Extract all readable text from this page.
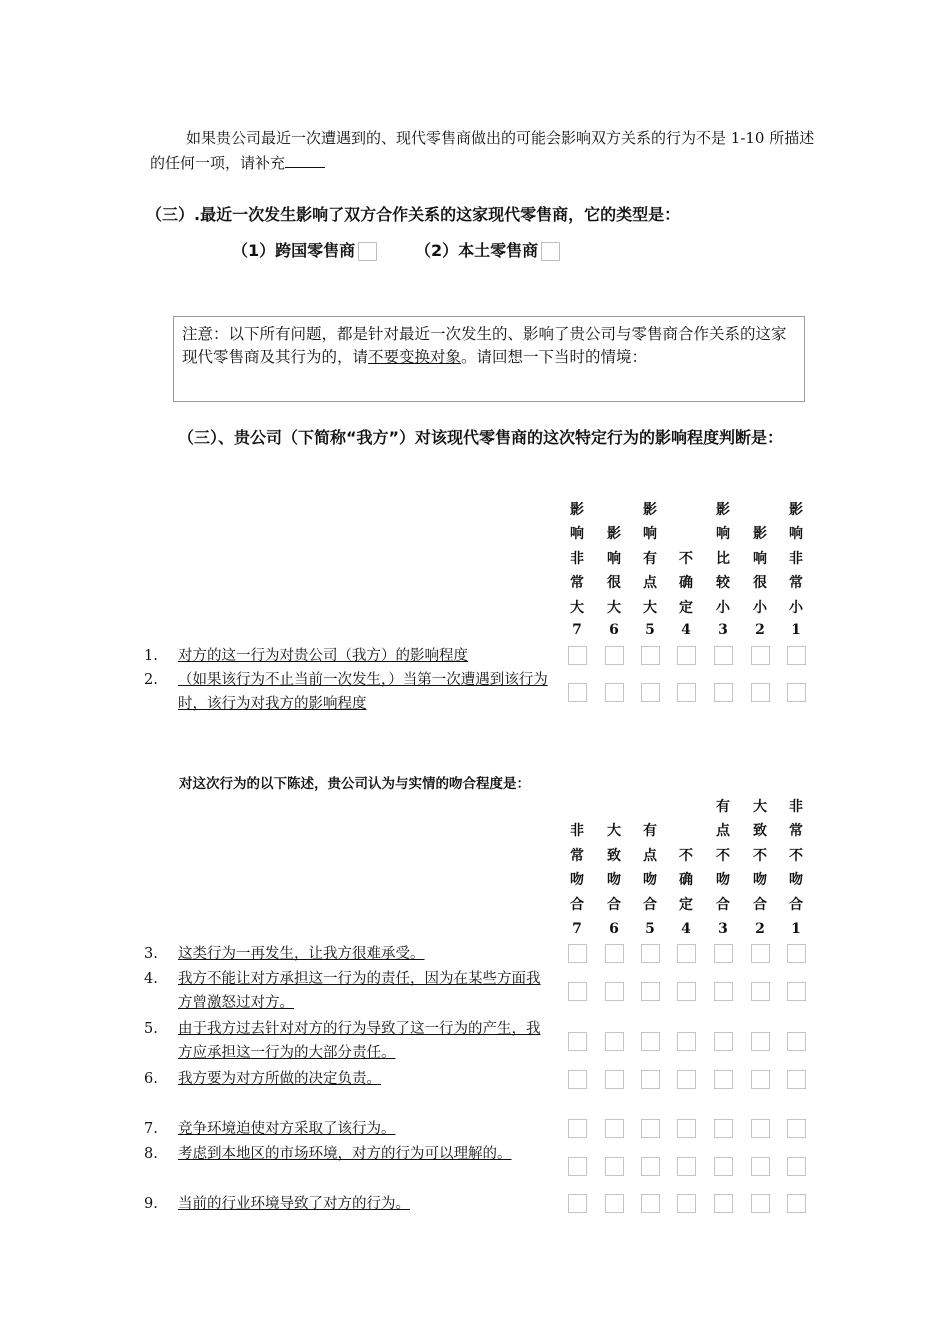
如果贵公司最近一次遭遇到的、现代零售商做出的可能会影响双方关系的行为不是 1-10 所描述的任何一项，请补充
（三）.最近一次发生影响了双方合作关系的这家现代零售商，它的类型是：
（1）跨国零售商	（2）本土零售商
注意：以下所有问题，都是针对最近一次发生的、影响了贵公司与零售商合作关系的这家现代零售商及其行为的，请不要变换对象。请回想一下当时的情境：
（三）、贵公司（下简称“我方”）对该现代零售商的这次特定行为的影响程度判断是：
对这次行为的以下陈述，贵公司认为与实情的吻合程度是：
影
响
非
常
大
7
影
响
很
大
6
影
响
有
点
大
5
不
确
定
4
影
响
比
较
小
3
影
响
很
小
2
影
响
非
常
小
1
1. 对方的这一行为对贵公司（我方）的影响程度
2. （如果该行为不止当前一次发生，）当第一次遭遇到该行为时，该行为对我方的影响程度
非
常
吻
合
7
大
致
吻
合
6
有
点
吻
合
5
不
确
定
4
有
点
不
吻
合
3
大
致
不
吻
合
2
非
常
不
吻
合
1
3. 这类行为一再发生，让我方很难承受。
4. 我方不能让对方承担这一行为的责任，因为在某些方面我方曾激怒过对方。
5. 由于我方过去针对对方的行为导致了这一行为的产生，我方应承担这一行为的大部分责任。
6. 我方要为对方所做的决定负责。
7. 竞争环境迫使对方采取了该行为。
8. 考虑到本地区的市场环境，对方的行为可以理解的。
9. 当前的行业环境导致了对方的行为。
